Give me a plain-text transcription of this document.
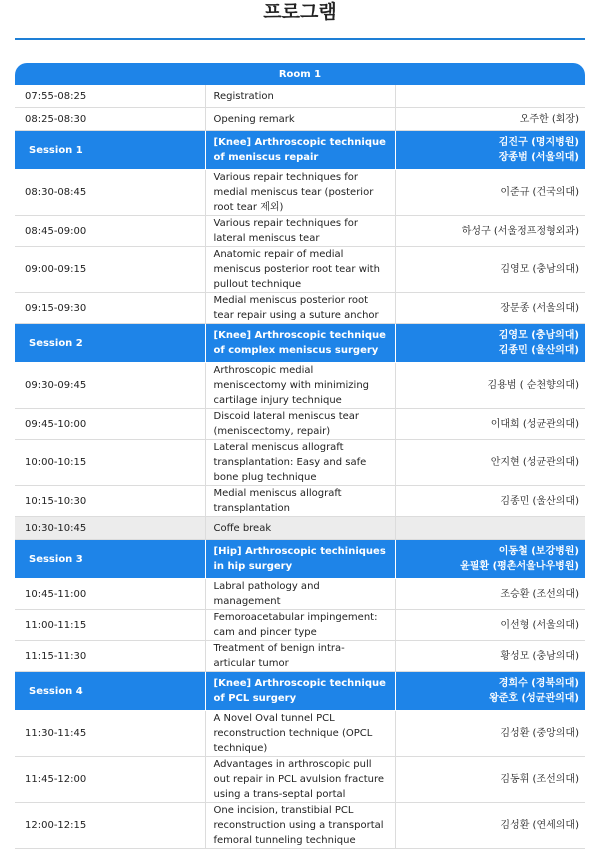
프로그램
Room 1		
07:55-08:25	Registration	
08:25-08:30	Opening remark	오주한 (회장)
Session 1	[Knee] Arthroscopic technique of meniscus repair	김진구 (명지병원)
장종범 (서울의대)

08:30-08:45	Various repair techniques for medial meniscus tear (posterior root tear 제외)	이준규 (건국의대)
08:45-09:00	Various repair techniques for lateral meniscus tear	하성구 (서울정프정형외과)
09:00-09:15	Anatomic repair of medial meniscus posterior root tear with pullout technique	김영모 (충남의대)
09:15-09:30	Medial meniscus posterior root tear repair using a suture anchor	장문종 (서울의대)
Session 2	[Knee] Arthroscopic technique of complex meniscus surgery	김영모 (충남의대)
김종민 (울산의대)

09:30-09:45	Arthroscopic medial meniscectomy with minimizing cartilage injury technique	김용범 ( 순천향의대)
09:45-10:00	Discoid lateral meniscus tear (meniscectomy, repair)	이대희 (성균관의대)
10:00-10:15	Lateral meniscus allograft transplantation: Easy and safe bone plug technique	안지현 (성균관의대)
10:15-10:30	Medial meniscus allograft transplantation	김종민 (울산의대)
10:30-10:45	Coffe break	
Session 3	[Hip] Arthroscopic techiniques in hip surgery	이동철 (보강병원)
윤필환 (평촌서울나우병원)

10:45-11:00	Labral pathology and management	조승환 (조선의대)
11:00-11:15	Femoroacetabular impingement: cam and pincer type	이선형 (서울의대)
11:15-11:30	Treatment of benign intra-articular tumor	황성모 (충남의대)
Session 4	[Knee] Arthroscopic technique of PCL surgery	경희수 (경북의대)
왕준호 (성균관의대)

11:30-11:45	A Novel Oval tunnel PCL reconstruction technique (OPCL technique)	김성환 (중앙의대)
11:45-12:00	Advantages in arthroscopic pull out repair in PCL avulsion fracture using a trans-septal portal	김동휘 (조선의대)
12:00-12:15	One incision, transtibial PCL reconstruction using a transportal femoral tunneling technique	김성환 (연세의대)
